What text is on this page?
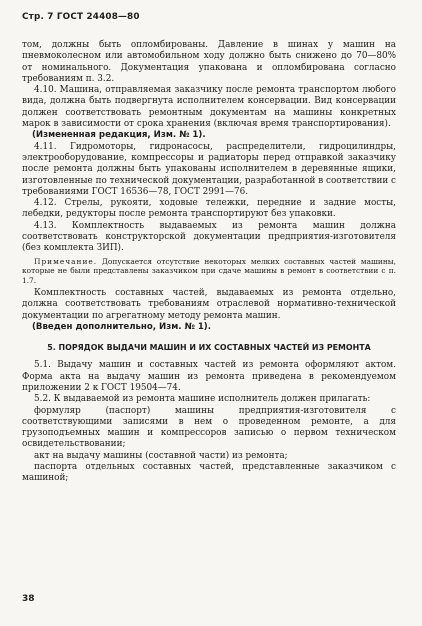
Стр. 7 ГОСТ 24408—80

том, должны быть опломбированы. Давление в шинах у машин на пневмоколесном или автомобильном ходу должно быть снижено до 70—80% от номинального. Документация упакована и опломбирована согласно требованиям п. 3.2.

4.10. Машина, отправляемая заказчику после ремонта транспортом любого вида, должна быть подвергнута исполнителем консервации. Вид консервации должен соответствовать ремонтным документам на машины конкретных марок в зависимости от срока хранения (включая время транспортирования).

(Измененная редакция, Изм. № 1).

4.11. Гидромоторы, гидронасосы, распределители, гидроцилиндры, электрооборудование, компрессоры и радиаторы перед отправкой заказчику после ремонта должны быть упакованы исполнителем в деревянные ящики, изготовленные по технической документации, разработанной в соответствии с требованиями ГОСТ 16536—78, ГОСТ 2991—76.

4.12. Стрелы, рукояти, ходовые тележки, передние и задние мосты, лебедки, редукторы после ремонта транспортируют без упаковки.

4.13. Комплектность выдаваемых из ремонта машин должна соответствовать конструкторской документации предприятия-изготовителя (без комплекта ЗИП).

Примечание. Допускается отсутствие некоторых мелких составных частей машины, которые не были представлены заказчиком при сдаче машины в ремонт в соответствии с п. 1.7.

Комплектность составных частей, выдаваемых из ремонта отдельно, должна соответствовать требованиям отраслевой нормативно-технической документации по агрегатному методу ремонта машин.

(Введен дополнительно, Изм. № 1).

5. ПОРЯДОК ВЫДАЧИ МАШИН И ИХ СОСТАВНЫХ ЧАСТЕЙ ИЗ РЕМОНТА

5.1. Выдачу машин и составных частей из ремонта оформляют актом. Форма акта на выдачу машин из ремонта приведена в рекомендуемом приложении 2 к ГОСТ 19504—74.

5.2. К выдаваемой из ремонта машине исполнитель должен прилагать:

формуляр (паспорт) машины предприятия-изготовителя с соответствующими записями в нем о проведенном ремонте, а для грузоподъемных машин и компрессоров записью о первом техническом освидетельствовании;

акт на выдачу машины (составной части) из ремонта;

паспорта отдельных составных частей, представленные заказчиком с машиной;

38
